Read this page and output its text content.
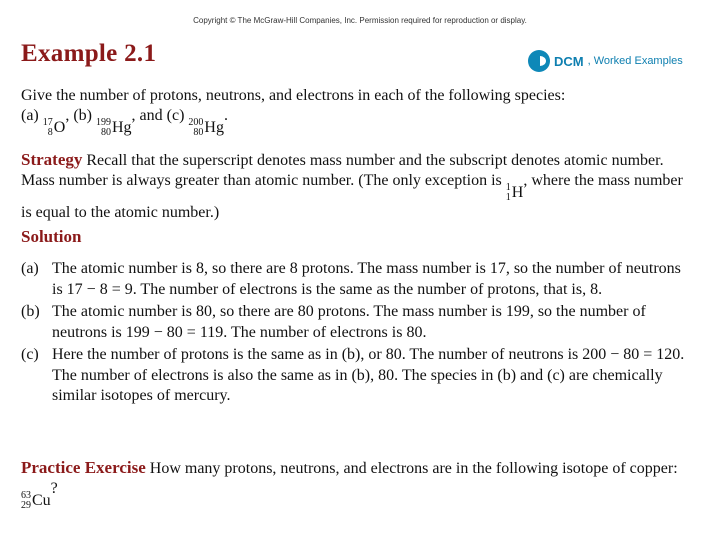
Copyright © The McGraw-Hill Companies, Inc. Permission required for reproduction or display.
Example 2.1	DCM , Worked Examples
Give the number of protons, neutrons, and electrons in each of the following species:
(a) 17
8 O
, (b) 199
80 Hg
, and (c) 200
80 Hg
.
Strategy Recall that the superscript denotes mass number and the subscript denotes atomic number. Mass number is always greater than atomic number. (The only exception is 1
1 H
, where the mass number is equal to the atomic number.)
Solution
(a) The atomic number is 8, so there are 8 protons. The mass number is 17, so the number of neutrons is 17 − 8 = 9. The number of electrons is the same as the number of protons, that is, 8.
(b) The atomic number is 80, so there are 80 protons. The mass number is 199, so the number of neutrons is 199 − 80 = 119. The number of electrons is 80.
(c) Here the number of protons is the same as in (b), or 80. The number of neutrons is 200 − 80 = 120. The number of electrons is also the same as in (b), 80. The species in (b) and (c) are chemically similar isotopes of mercury.
Practice Exercise How many protons, neutrons, and electrons are in the following isotope of copper:
63
29 Cu
?
